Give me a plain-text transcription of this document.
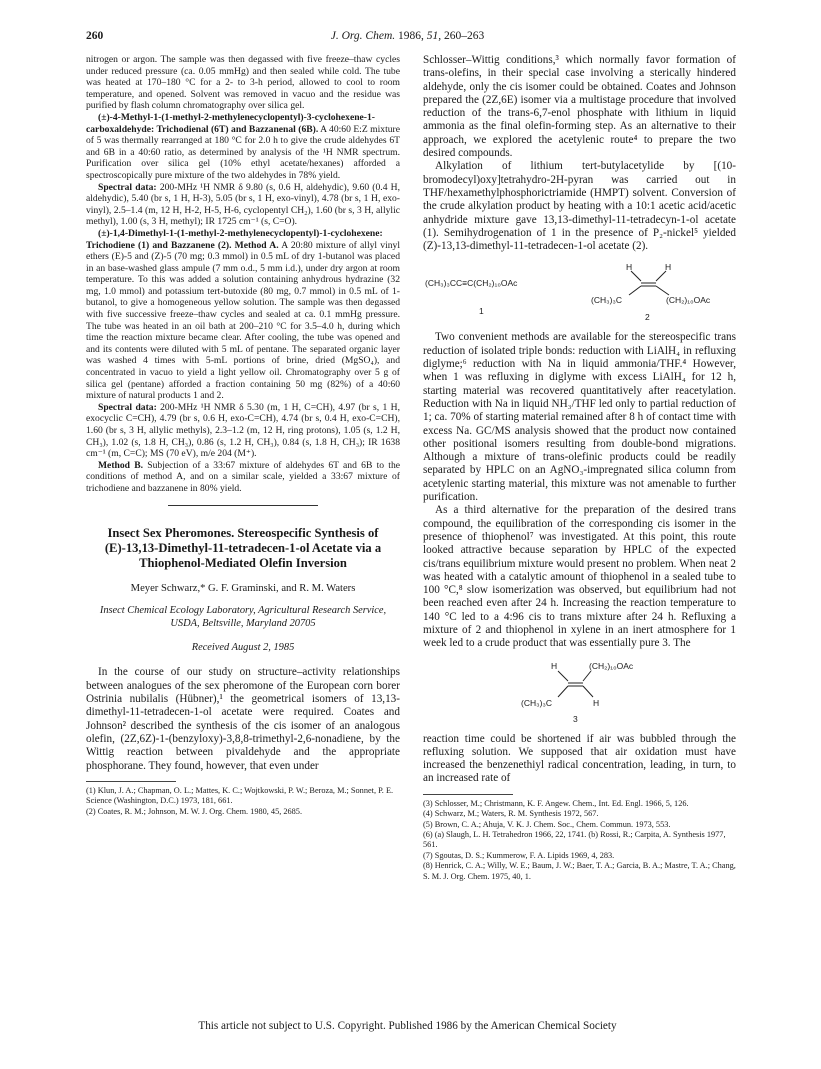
260	J. Org. Chem. 1986, 51, 260–263

nitrogen or argon. The sample was then degassed with five freeze–thaw cycles under reduced pressure (ca. 0.05 mmHg) and then sealed while cold. The tube was heated at 170–180 °C for a 2- to 3-h period, allowed to cool to room temperature, and opened. Solvent was removed in vacuo and the residue was purified by flash column chromatography over silica gel.

(±)-4-Methyl-1-(1-methyl-2-methylenecyclopentyl)-3-cyclohexene-1-carboxaldehyde: Trichodienal (6T) and Bazzanenal (6B). A 40:60 E:Z mixture of 5 was thermally rearranged at 180 °C for 2.0 h to give the crude aldehydes 6T and 6B in a 40:60 ratio, as determined by analysis of the ¹H NMR spectrum. Purification over silica gel (10% ethyl acetate/hexanes) afforded a spectroscopically pure mixture of the two aldehydes in 78% yield.

Spectral data: 200-MHz ¹H NMR δ 9.80 (s, 0.6 H, aldehydic), 9.60 (0.4 H, aldehydic), 5.40 (br s, 1 H, H-3), 5.05 (br s, 1 H, exo-vinyl), 4.78 (br s, 1 H, exo-vinyl), 2.5–1.4 (m, 12 H, H-2, H-5, H-6, cyclopentyl CH₂), 1.60 (br s, 3 H, allylic methyl), 1.00 (s, 3 H, methyl); IR 1725 cm⁻¹ (s, C=O).

(±)-1,4-Dimethyl-1-(1-methyl-2-methylenecyclopentyl)-1-cyclohexene: Trichodiene (1) and Bazzanene (2). Method A. A 20:80 mixture of allyl vinyl ethers (E)-5 and (Z)-5 (70 mg; 0.3 mmol) in 0.5 mL of dry 1-butanol was placed in an base-washed glass ampule (7 mm o.d., 5 mm i.d.), under dry argon at room temperature. To this was added a solution containing anhydrous hydrazine (32 mg, 1.0 mmol) and potassium tert-butoxide (80 mg, 0.7 mmol) in 0.5 mL of 1-butanol, to give a homogeneous yellow solution. The sample was then degassed with five successive freeze–thaw cycles and sealed at ca. 0.1 mmHg pressure. The tube was heated in an oil bath at 200–210 °C for 3.5–4.0 h, during which time the reaction mixture became clear. After cooling, the tube was opened and and its contents were diluted with 5 mL of pentane. The separated organic layer was washed 4 times with 5-mL portions of brine, dried (MgSO₄), and concentrated in vacuo to yield a light yellow oil. Chromatography over 5 g of silica gel (pentane) afforded a fraction containing 50 mg (82%) of a 40:60 mixture of natural products 1 and 2.

Spectral data: 200-MHz ¹H NMR δ 5.30 (m, 1 H, C=CH), 4.97 (br s, 1 H, exocyclic C=CH), 4.79 (br s, 0.6 H, exo-C=CH), 4.74 (br s, 0.4 H, exo-C=CH), 1.60 (br s, 3 H, allylic methyls), 2.3–1.2 (m, 12 H, ring protons), 1.05 (s, 1.2 H, CH₃), 1.02 (s, 1.8 H, CH₃), 0.86 (s, 1.2 H, CH₃), 0.84 (s, 1.8 H, CH₃); IR 1638 cm⁻¹ (m, C=C); MS (70 eV), m/e 204 (M⁺).

Method B. Subjection of a 33:67 mixture of aldehydes 6T and 6B to the conditions of method A, and on a similar scale, yielded a 33:67 mixture of trichodiene and bazzanene in 80% yield.

Insect Sex Pheromones. Stereospecific Synthesis of (E)-13,13-Dimethyl-11-tetradecen-1-ol Acetate via a Thiophenol-Mediated Olefin Inversion
Meyer Schwarz,* G. F. Graminski, and R. M. Waters
Insect Chemical Ecology Laboratory, Agricultural Research Service, USDA, Beltsville, Maryland 20705
Received August 2, 1985

In the course of our study on structure–activity relationships between analogues of the sex pheromone of the European corn borer Ostrinia nubilalis (Hübner),¹ the geometrical isomers of 13,13-dimethyl-11-tetradecen-1-ol acetate were required. Coates and Johnson² described the synthesis of the cis isomer of an analogous olefin, (2Z,6Z)-1-(benzyloxy)-3,8,8-trimethyl-2,6-nonadiene, by the Wittig reaction between pivaldehyde and the appropriate phosphorane. They found, however, that even under

(1) Klun, J. A.; Chapman, O. L.; Mattes, K. C.; Wojtkowski, P. W.; Beroza, M.; Sonnet, P. E. Science (Washington, D.C.) 1973, 181, 661.
(2) Coates, R. M.; Johnson, M. W. J. Org. Chem. 1980, 45, 2685.

Schlosser–Wittig conditions,³ which normally favor formation of trans-olefins, in their special case involving a sterically hindered aldehyde, only the cis isomer could be obtained. Coates and Johnson prepared the (2Z,6E) isomer via a multistage procedure that involved reduction of the trans-6,7-enol phosphate with lithium in liquid ammonia as the final olefin-forming step. As an alternative to their approach, we explored the acetylenic route⁴ to prepare the two desired compounds.

Alkylation of lithium tert-butylacetylide by [(10-bromodecyl)oxy]tetrahydro-2H-pyran was carried out in THF/hexamethylphosphorictriamide (HMPT) solvent. Conversion of the crude alkylation product by heating with a 10:1 acetic acid/acetic anhydride mixture gave 13,13-dimethyl-11-tetradecyn-1-ol acetate (1). Semihydrogenation of 1 in the presence of P₂-nickel⁵ yielded (Z)-13,13-dimethyl-11-tetradecen-1-ol acetate (2).

(CH₃)₃CC≡C(CH₂)₁₀OAc
1
H	H
(CH₃)₃C	(CH₂)₁₀OAc
2

Two convenient methods are available for the stereospecific trans reduction of isolated triple bonds: reduction with LiAlH₄ in refluxing diglyme;⁶ reduction with Na in liquid ammonia/THF.⁴ However, when 1 was refluxing in diglyme with excess LiAlH₄ for 12 h, starting material was recovered quantitatively after reacetylation. Reduction with Na in liquid NH₃/THF led only to partial reduction of 1; ca. 70% of starting material remained after 8 h of contact time with excess Na. GC/MS analysis showed that the product now contained other positional isomers resulting from double-bond migrations. Although a mixture of trans-olefinic products could be readily separated by HPLC on an AgNO₃-impregnated silica column from acetylenic starting material, this mixture was not amenable to further purification.

As a third alternative for the preparation of the desired trans compound, the equilibration of the corresponding cis isomer in the presence of thiophenol⁷ was investigated. At this point, this route looked attractive because separation by HPLC of the expected cis/trans equilibrium mixture would present no problem. When neat 2 was heated with a catalytic amount of thiophenol in a sealed tube to 100 °C,⁸ slow isomerization was observed, but equilibrium had not been reached even after 24 h. Increasing the reaction temperature to 140 °C led to a 4:96 cis to trans mixture after 24 h. Refluxing a mixture of 2 and thiophenol in xylene in an inert atmosphere for 1 week led to a crude product that was essentially pure 3. The

H	(CH₂)₁₀OAc
(CH₃)₃C	H
3

reaction time could be shortened if air was bubbled through the refluxing solution. We supposed that air oxidation must have increased the benzenethiyl radical concentration, leading, in turn, to an increased rate of

(3) Schlosser, M.; Christmann, K. F. Angew. Chem., Int. Ed. Engl. 1966, 5, 126.
(4) Schwarz, M.; Waters, R. M. Synthesis 1972, 567.
(5) Brown, C. A.; Ahuja, V. K. J. Chem. Soc., Chem. Commun. 1973, 553.
(6) (a) Slaugh, L. H. Tetrahedron 1966, 22, 1741. (b) Rossi, R.; Carpita, A. Synthesis 1977, 561.
(7) Sgoutas, D. S.; Kummerow, F. A. Lipids 1969, 4, 283.
(8) Henrick, C. A.; Willy, W. E.; Baum, J. W.; Baer, T. A.; Garcia, B. A.; Mastre, T. A.; Chang, S. M. J. Org. Chem. 1975, 40, 1.
This article not subject to U.S. Copyright. Published 1986 by the American Chemical Society
